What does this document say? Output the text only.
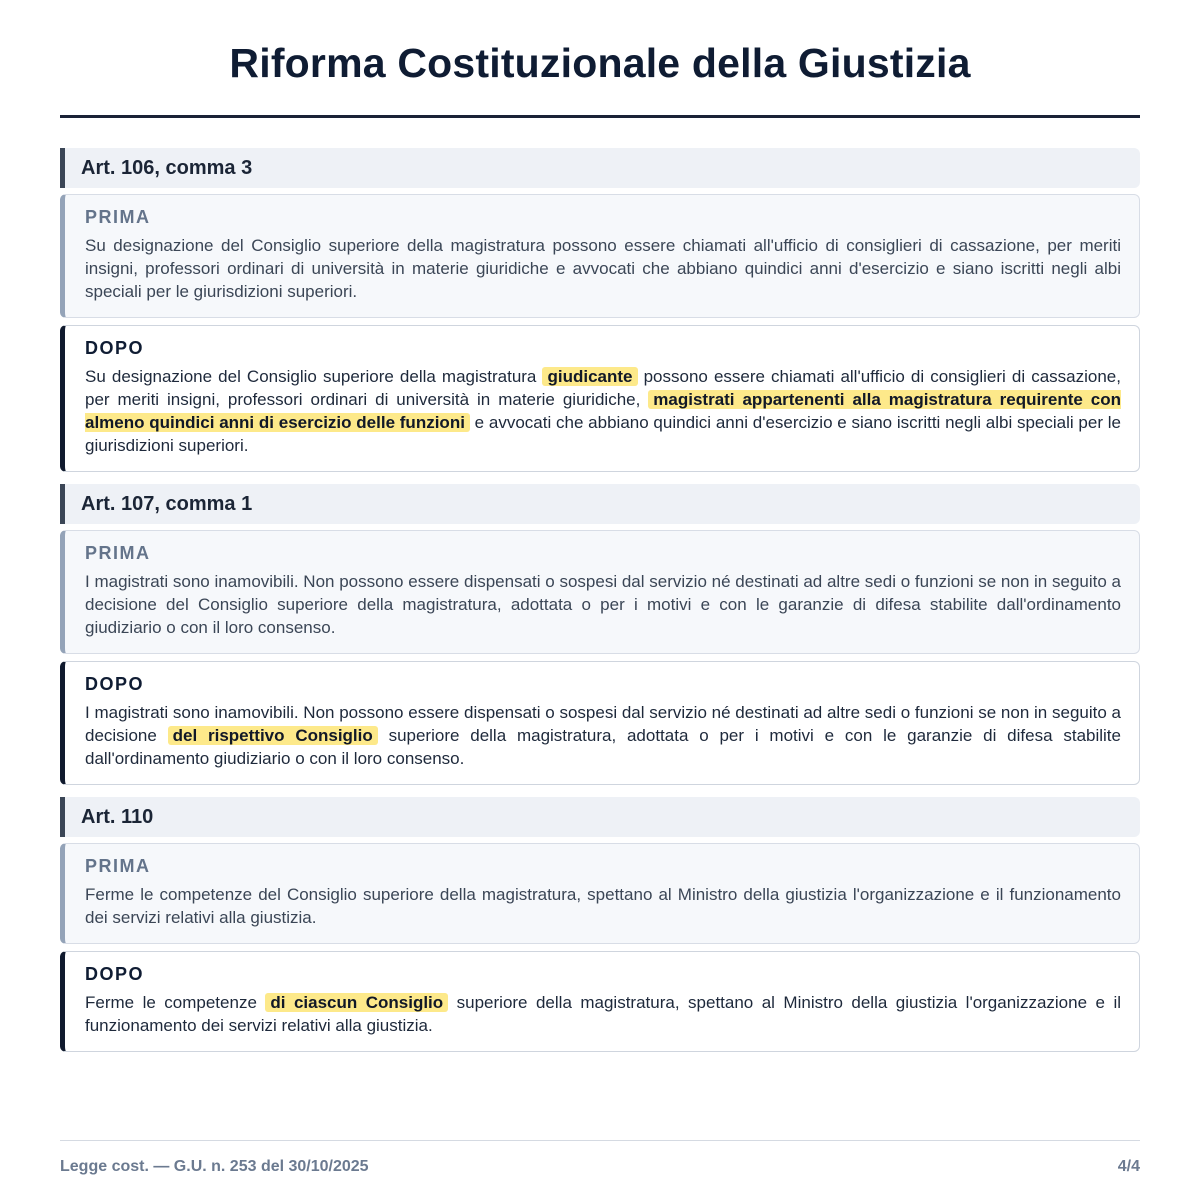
Riforma Costituzionale della Giustizia
Art. 106, comma 3
PRIMA

Su designazione del Consiglio superiore della magistratura possono essere chiamati all'ufficio di consiglieri di cassazione, per meriti insigni, professori ordinari di università in materie giuridiche e avvocati che abbiano quindici anni d'esercizio e siano iscritti negli albi speciali per le giurisdizioni superiori.

DOPO

Su designazione del Consiglio superiore della magistratura giudicante possono essere chiamati all'ufficio di consiglieri di cassazione, per meriti insigni, professori ordinari di università in materie giuridiche, magistrati appartenenti alla magistratura requirente con almeno quindici anni di esercizio delle funzioni e avvocati che abbiano quindici anni d'esercizio e siano iscritti negli albi speciali per le giurisdizioni superiori.

Art. 107, comma 1
PRIMA

I magistrati sono inamovibili. Non possono essere dispensati o sospesi dal servizio né destinati ad altre sedi o funzioni se non in seguito a decisione del Consiglio superiore della magistratura, adottata o per i motivi e con le garanzie di difesa stabilite dall'ordinamento giudiziario o con il loro consenso.

DOPO

I magistrati sono inamovibili. Non possono essere dispensati o sospesi dal servizio né destinati ad altre sedi o funzioni se non in seguito a decisione del rispettivo Consiglio superiore della magistratura, adottata o per i motivi e con le garanzie di difesa stabilite dall'ordinamento giudiziario o con il loro consenso.

Art. 110
PRIMA

Ferme le competenze del Consiglio superiore della magistratura, spettano al Ministro della giustizia l'organizzazione e il funzionamento dei servizi relativi alla giustizia.

DOPO

Ferme le competenze di ciascun Consiglio superiore della magistratura, spettano al Ministro della giustizia l'organizzazione e il funzionamento dei servizi relativi alla giustizia.

Legge cost. — G.U. n. 253 del 30/10/2025	4/4
